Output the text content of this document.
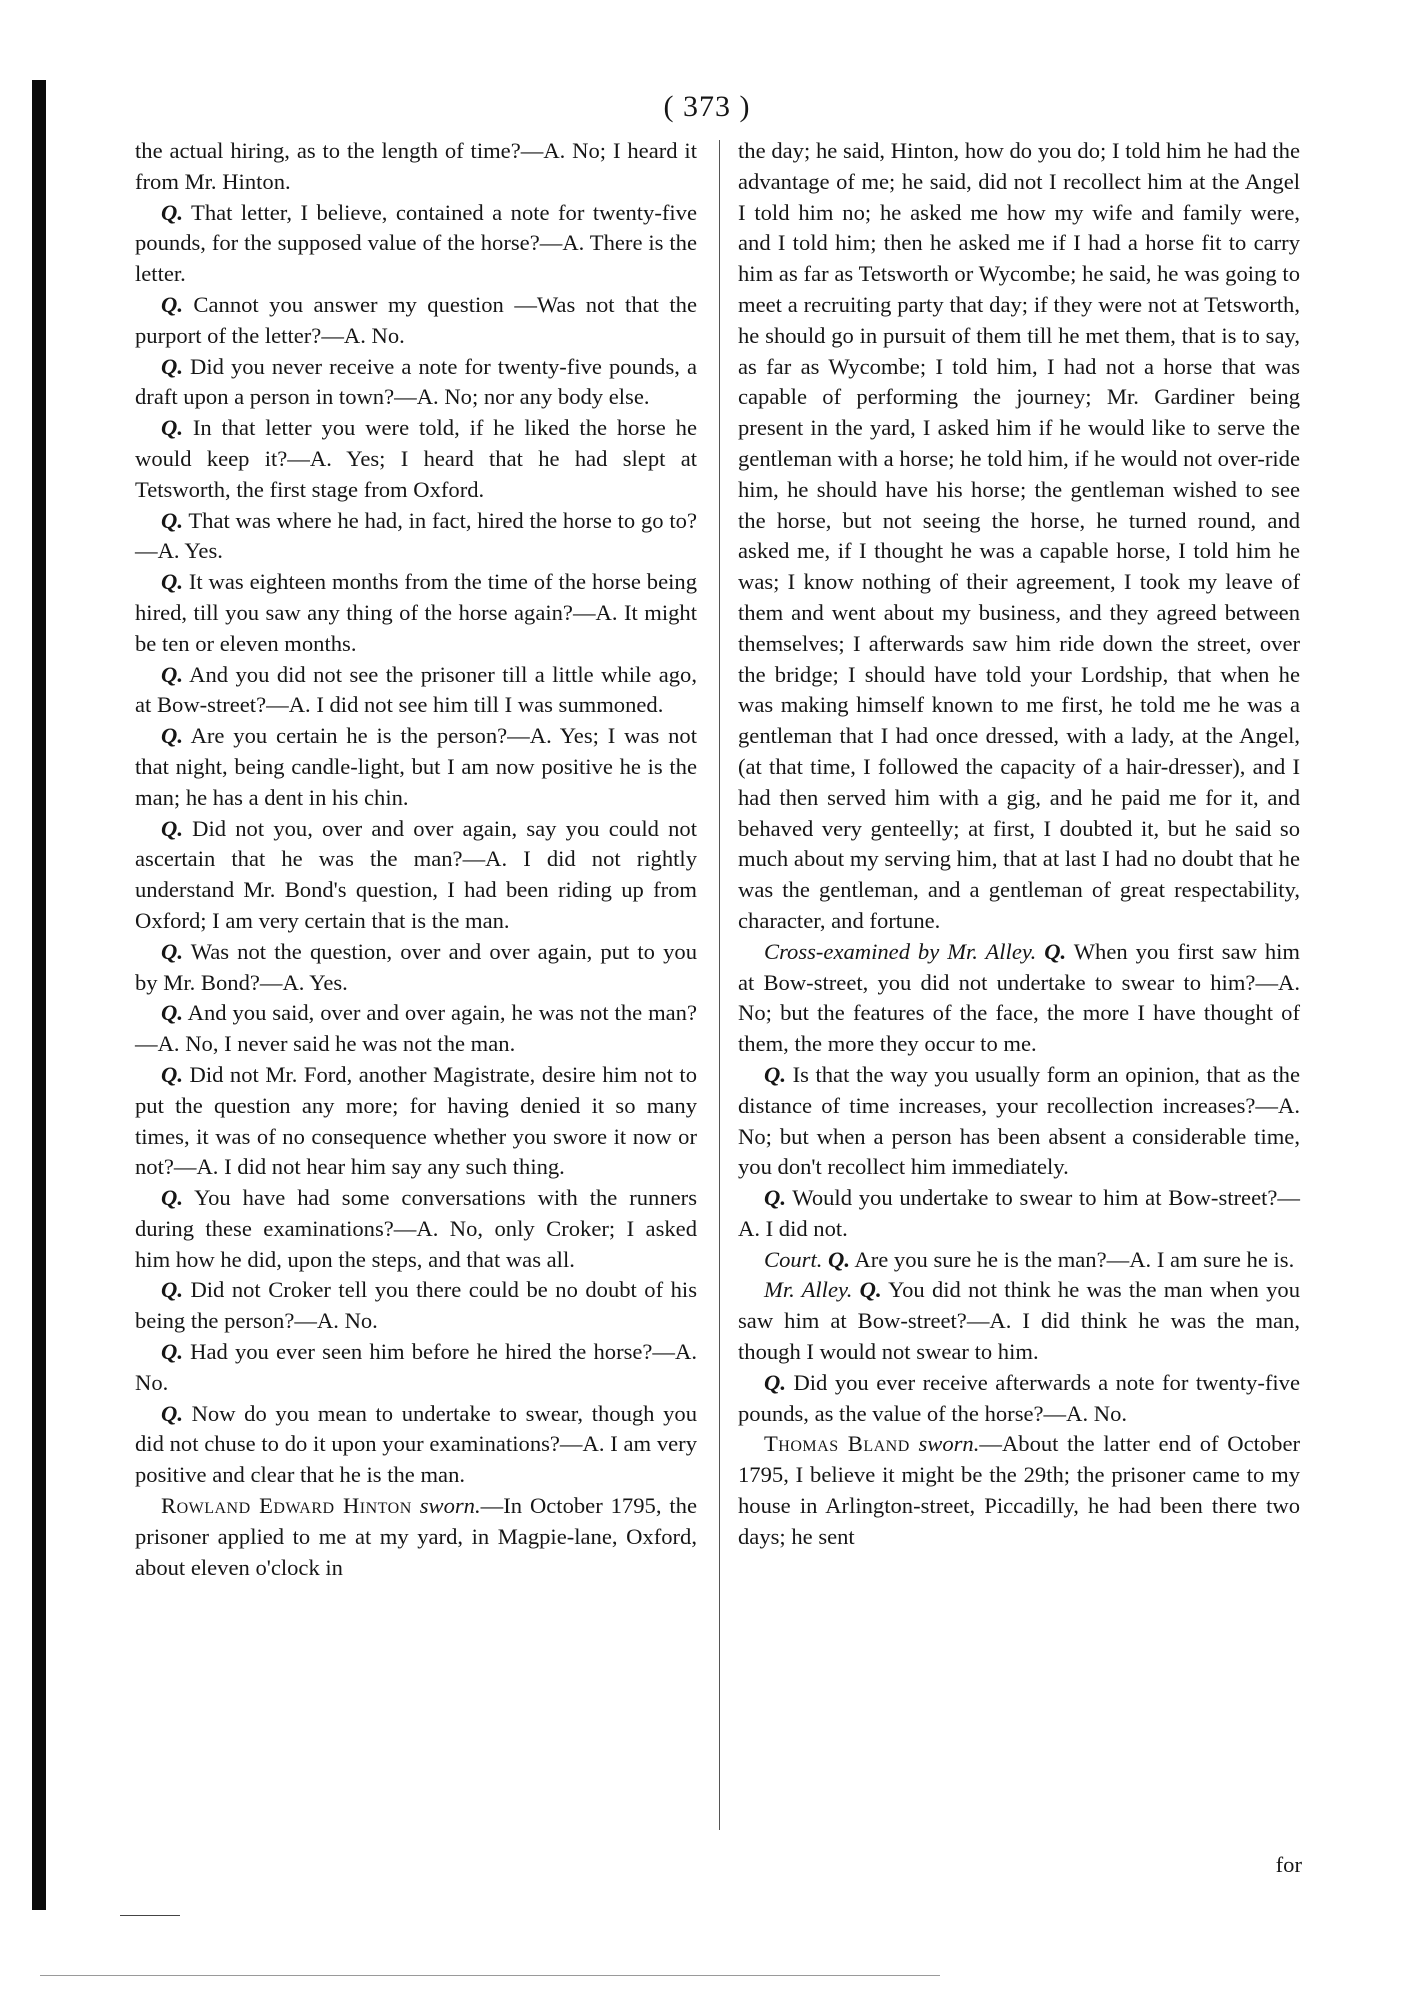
( 373 )

the actual hiring, as to the length of time?—A. No; I heard it from Mr. Hinton.

Q. That letter, I believe, contained a note for twenty-five pounds, for the supposed value of the horse?—A. There is the letter.

Q. Cannot you answer my question —Was not that the purport of the letter?—A. No.

Q. Did you never receive a note for twenty-five pounds, a draft upon a person in town?—A. No; nor any body else.

Q. In that letter you were told, if he liked the horse he would keep it?—A. Yes; I heard that he had slept at Tetsworth, the first stage from Oxford.

Q. That was where he had, in fact, hired the horse to go to?—A. Yes.

Q. It was eighteen months from the time of the horse being hired, till you saw any thing of the horse again?—A. It might be ten or eleven months.

Q. And you did not see the prisoner till a little while ago, at Bow-street?—A. I did not see him till I was summoned.

Q. Are you certain he is the person?—A. Yes; I was not that night, being candle-light, but I am now positive he is the man; he has a dent in his chin.

Q. Did not you, over and over again, say you could not ascertain that he was the man?—A. I did not rightly understand Mr. Bond's question, I had been riding up from Oxford; I am very certain that is the man.

Q. Was not the question, over and over again, put to you by Mr. Bond?—A. Yes.

Q. And you said, over and over again, he was not the man?—A. No, I never said he was not the man.

Q. Did not Mr. Ford, another Magistrate, desire him not to put the question any more; for having denied it so many times, it was of no consequence whether you swore it now or not?—A. I did not hear him say any such thing.

Q. You have had some conversations with the runners during these examinations?—A. No, only Croker; I asked him how he did, upon the steps, and that was all.

Q. Did not Croker tell you there could be no doubt of his being the person?—A. No.

Q. Had you ever seen him before he hired the horse?—A. No.

Q. Now do you mean to undertake to swear, though you did not chuse to do it upon your examinations?—A. I am very positive and clear that he is the man.

Rowland Edward Hinton sworn.—In October 1795, the prisoner applied to me at my yard, in Magpie-lane, Oxford, about eleven o'clock in

the day; he said, Hinton, how do you do; I told him he had the advantage of me; he said, did not I recollect him at the Angel I told him no; he asked me how my wife and family were, and I told him; then he asked me if I had a horse fit to carry him as far as Tetsworth or Wycombe; he said, he was going to meet a recruiting party that day; if they were not at Tetsworth, he should go in pursuit of them till he met them, that is to say, as far as Wycombe; I told him, I had not a horse that was capable of performing the journey; Mr. Gardiner being present in the yard, I asked him if he would like to serve the gentleman with a horse; he told him, if he would not over-ride him, he should have his horse; the gentleman wished to see the horse, but not seeing the horse, he turned round, and asked me, if I thought he was a capable horse, I told him he was; I know nothing of their agreement, I took my leave of them and went about my business, and they agreed between themselves; I afterwards saw him ride down the street, over the bridge; I should have told your Lordship, that when he was making himself known to me first, he told me he was a gentleman that I had once dressed, with a lady, at the Angel, (at that time, I followed the capacity of a hair-dresser), and I had then served him with a gig, and he paid me for it, and behaved very genteelly; at first, I doubted it, but he said so much about my serving him, that at last I had no doubt that he was the gentleman, and a gentleman of great respectability, character, and fortune.

Cross-examined by Mr. Alley. Q. When you first saw him at Bow-street, you did not undertake to swear to him?—A. No; but the features of the face, the more I have thought of them, the more they occur to me.

Q. Is that the way you usually form an opinion, that as the distance of time increases, your recollection increases?—A. No; but when a person has been absent a considerable time, you don't recollect him immediately.

Q. Would you undertake to swear to him at Bow-street?—A. I did not.

Court. Q. Are you sure he is the man?—A. I am sure he is.

Mr. Alley. Q. You did not think he was the man when you saw him at Bow-street?—A. I did think he was the man, though I would not swear to him.

Q. Did you ever receive afterwards a note for twenty-five pounds, as the value of the horse?—A. No.

Thomas Bland sworn.—About the latter end of October 1795, I believe it might be the 29th; the prisoner came to my house in Arlington-street, Piccadilly, he had been there two days; he sent

for
